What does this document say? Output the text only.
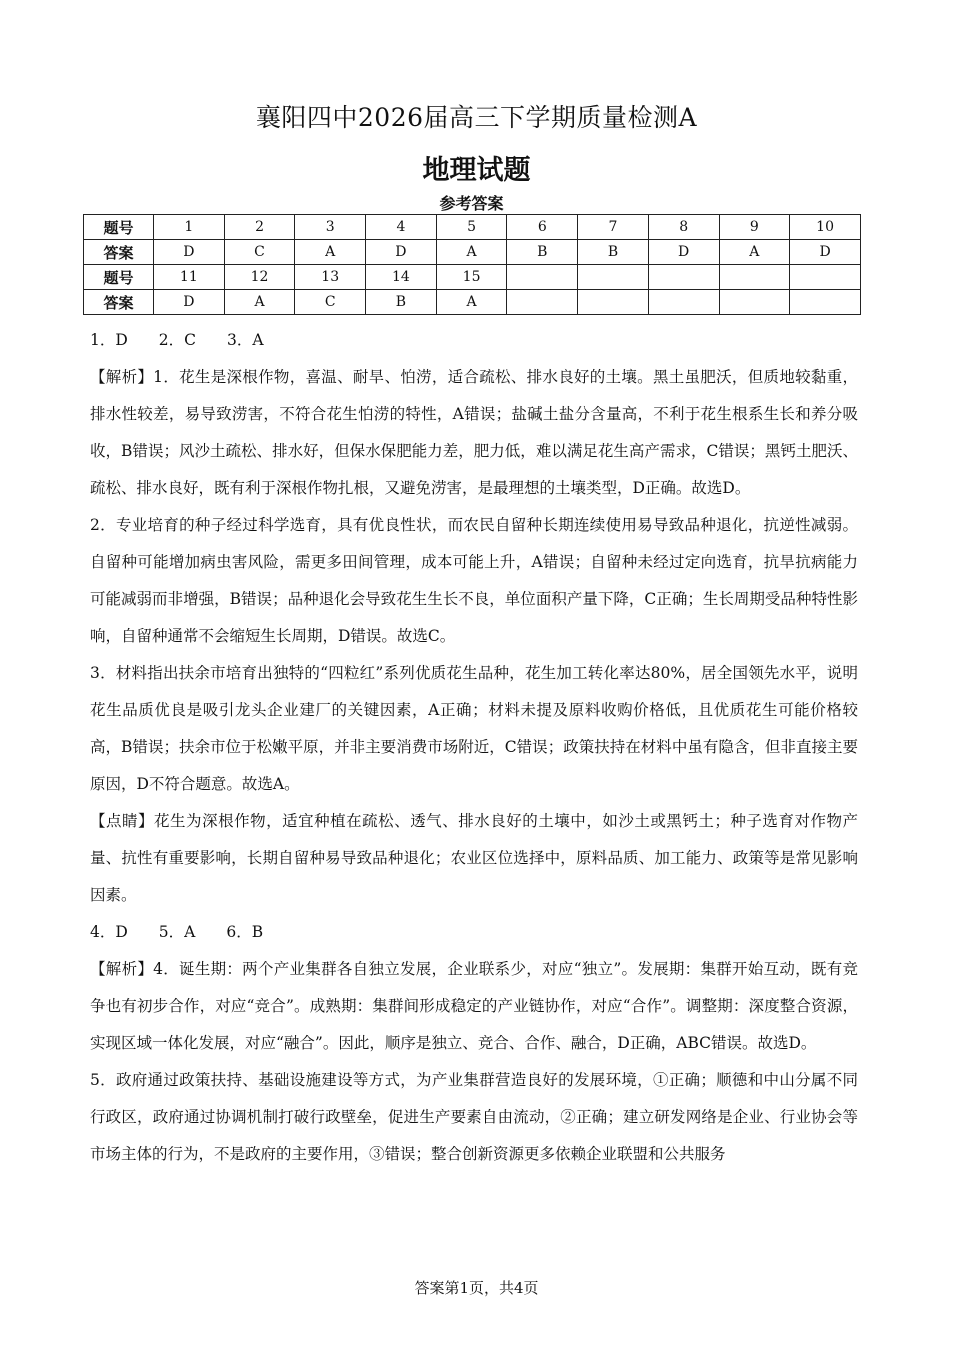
襄阳四中2026届高三下学期质量检测A
地理试题
参考答案
题号	1	2	3	4	5	6	7	8	9	10
答案	D	C	A	D	A	B	B	D	A	D
题号	11	12	13	14	15					
答案	D	A	C	B	A					

1．D　　2．C　　3．A

【解析】1．花生是深根作物，喜温、耐旱、怕涝，适合疏松、排水良好的土壤。黑土虽肥沃，但质地较黏重，排水性较差，易导致涝害，不符合花生怕涝的特性，A错误；盐碱土盐分含量高，不利于花生根系生长和养分吸收，B错误；风沙土疏松、排水好，但保水保肥能力差，肥力低，难以满足花生高产需求，C错误；黑钙土肥沃、疏松、排水良好，既有利于深根作物扎根，又避免涝害，是最理想的土壤类型，D正确。故选D。

2．专业培育的种子经过科学选育，具有优良性状，而农民自留种长期连续使用易导致品种退化，抗逆性减弱。自留种可能增加病虫害风险，需更多田间管理，成本可能上升，A错误；自留种未经过定向选育，抗旱抗病能力可能减弱而非增强，B错误；品种退化会导致花生生长不良，单位面积产量下降，C正确；生长周期受品种特性影响，自留种通常不会缩短生长周期，D错误。故选C。

3．材料指出扶余市培育出独特的“四粒红”系列优质花生品种，花生加工转化率达80%，居全国领先水平，说明花生品质优良是吸引龙头企业建厂的关键因素，A正确；材料未提及原料收购价格低，且优质花生可能价格较高，B错误；扶余市位于松嫩平原，并非主要消费市场附近，C错误；政策扶持在材料中虽有隐含，但非直接主要原因，D不符合题意。故选A。

【点睛】花生为深根作物，适宜种植在疏松、透气、排水良好的土壤中，如沙土或黑钙土；种子选育对作物产量、抗性有重要影响，长期自留种易导致品种退化；农业区位选择中，原料品质、加工能力、政策等是常见影响因素。

4．D　　5．A　　6．B

【解析】4．诞生期：两个产业集群各自独立发展，企业联系少，对应“独立”。发展期：集群开始互动，既有竞争也有初步合作，对应“竞合”。成熟期：集群间形成稳定的产业链协作，对应“合作”。调整期：深度整合资源，实现区域一体化发展，对应“融合”。因此，顺序是独立、竞合、合作、融合，D正确，ABC错误。故选D。

5．政府通过政策扶持、基础设施建设等方式，为产业集群营造良好的发展环境，①正确；顺德和中山分属不同行政区，政府通过协调机制打破行政壁垒，促进生产要素自由流动，②正确；建立研发网络是企业、行业协会等市场主体的行为，不是政府的主要作用，③错误；整合创新资源更多依赖企业联盟和公共服务

答案第1页，共4页
